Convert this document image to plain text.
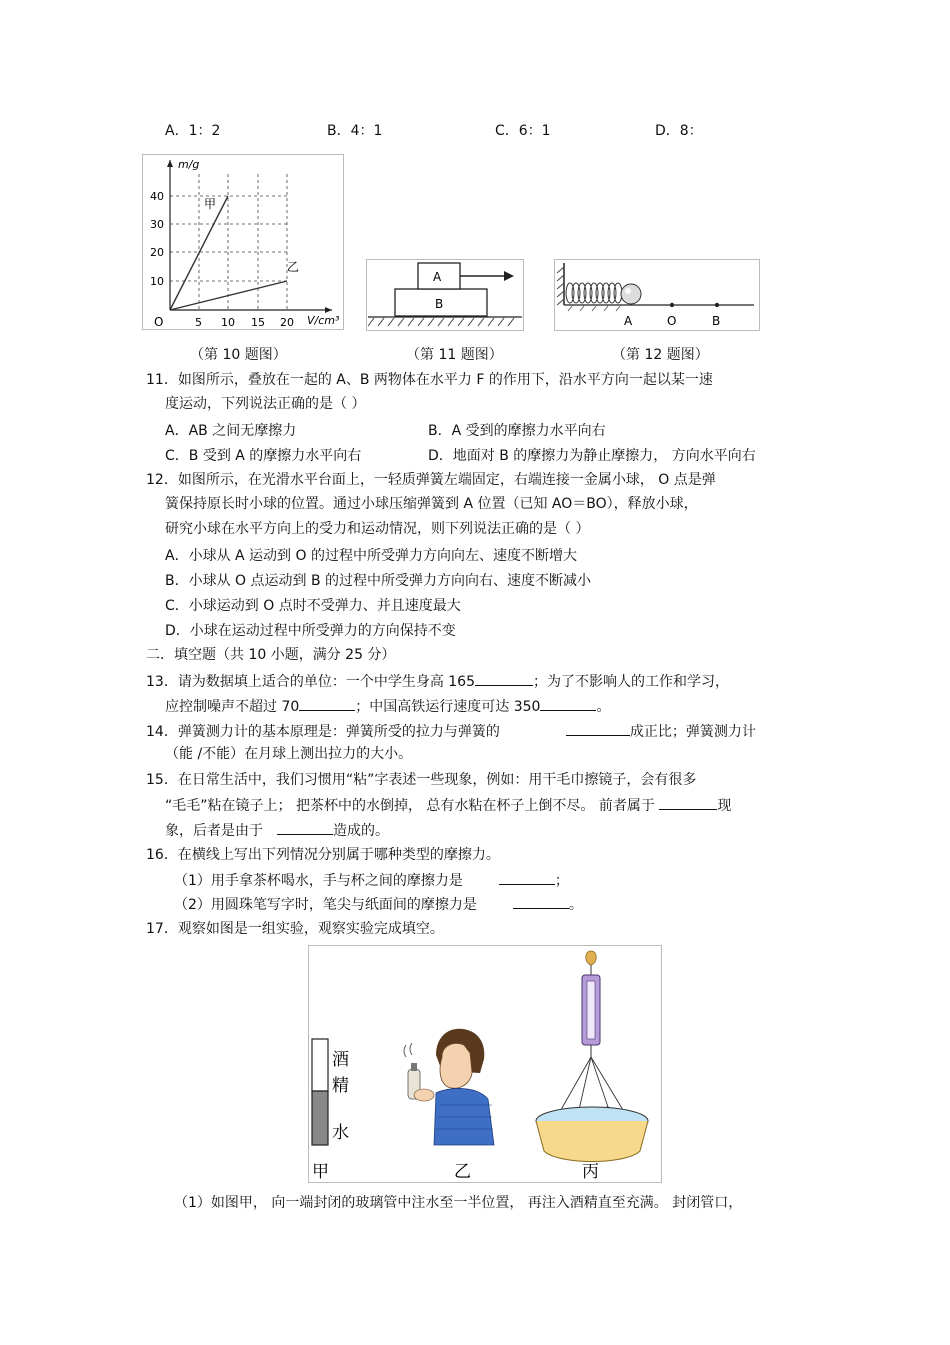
A．1：2	B．4：1	C．6：1	D．8：
m/g
V/cm³
O
40
30
20
10
5 10 15 20
甲
乙
A
B
A	O	B
（第 10 题图）	（第 11 题图）	（第 12 题图）
11．如图所示，叠放在一起的 A、B 两物体在水平力 F 的作用下，沿水平方向一起以某一速
度运动，下列说法正确的是（ ）
A．AB 之间无摩擦力	B．A 受到的摩擦力水平向右
C．B 受到 A 的摩擦力水平向右	D．地面对 B 的摩擦力为静止摩擦力， 方向水平向右
12．如图所示，在光滑水平台面上，一轻质弹簧左端固定，右端连接一金属小球， O 点是弹
簧保持原长时小球的位置。通过小球压缩弹簧到 A 位置（已知 AO＝BO），释放小球，
研究小球在水平方向上的受力和运动情况，则下列说法正确的是（ ）
A．小球从 A 运动到 O 的过程中所受弹力方向向左、速度不断增大
B．小球从 O 点运动到 B 的过程中所受弹力方向向右、速度不断减小
C．小球运动到 O 点时不受弹力、并且速度最大
D．小球在运动过程中所受弹力的方向保持不变
二．填空题（共 10 小题，满分 25 分）
13．请为数据填上适合的单位：一个中学生身高 165	；为了不影响人的工作和学习，
应控制噪声不超过 70	；中国高铁运行速度可达 350	。
14．弹簧测力计的基本原理是：弹簧所受的拉力与弹簧的	成正比；弹簧测力计
（能 /不能）在月球上测出拉力的大小。
15．在日常生活中，我们习惯用“粘”字表述一些现象，例如：用干毛巾擦镜子，会有很多
“毛毛”粘在镜子上； 把茶杯中的水倒掉， 总有水粘在杯子上倒不尽。 前者属于	现
象，后者是由于	造成的。
16．在横线上写出下列情况分别属于哪种类型的摩擦力。
（1）用手拿茶杯喝水，手与杯之间的摩擦力是	；
（2）用圆珠笔写字时，笔尖与纸面间的摩擦力是	。
17．观察如图是一组实验，观察实验完成填空。
酒
精
水
甲	乙	丙
（1）如图甲， 向一端封闭的玻璃管中注水至一半位置， 再注入酒精直至充满。 封闭管口，
